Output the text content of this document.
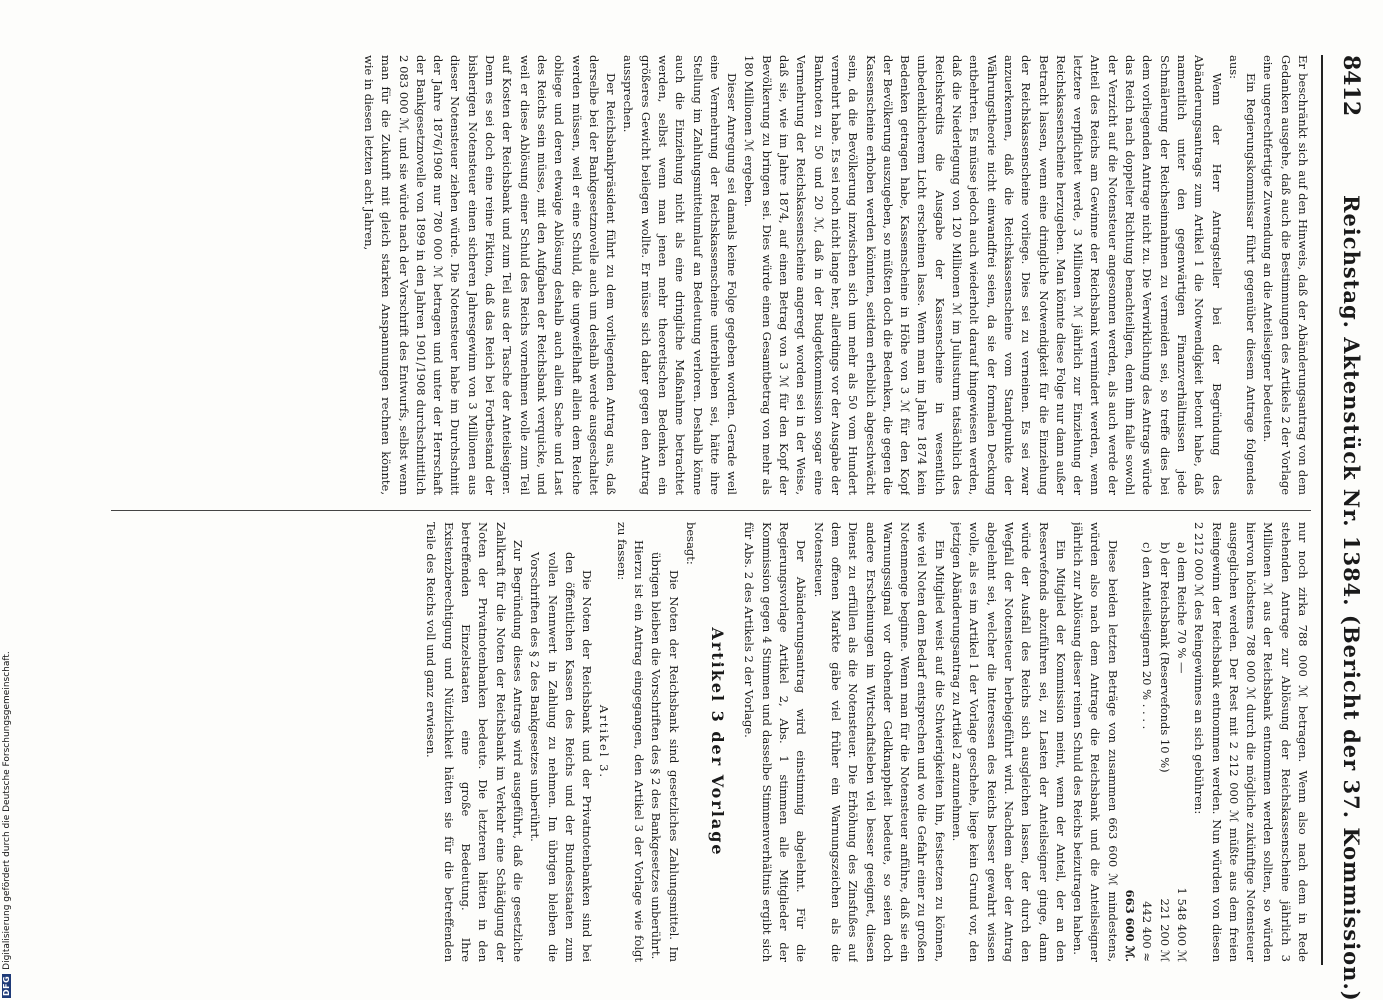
8412
Reichstag. Aktenstück Nr. 1384. (Bericht der 37. Kommission.)

Er beschränkt sich auf den Hinweis, daß der Abänderungsantrag von dem Gedanken ausgehe, daß auch die Bestimmungen des Artikels 2 der Vorlage eine ungerechtfertigte Zuwendung an die Anteilseigner bedeuten.

Ein Regierungskommissar führt gegenüber diesem Antrage folgendes aus:

Wenn der Herr Antragsteller bei der Begründung des Abänderungsantrags zum Artikel 1 die Notwendigkeit betont habe, daß namentlich unter den gegenwärtigen Finanzverhältnissen jede Schmälerung der Reichseinnahmen zu vermeiden sei, so treffe dies bei dem vorliegenden Antrage nicht zu. Die Verwirklichung des Antrags würde das Reich nach doppelter Richtung benachteiligen, denn ihm falle sowohl der Verzicht auf die Notensteuer angesonnen werden, als auch werde der Anteil des Reichs am Gewinne der Reichsbank vermindert werden, wenn letztere verpflichtet werde, 3 Millionen ℳ jährlich zur Einziehung der Reichskassenscheine herzugeben. Man könnte diese Folge nur dann außer Betracht lassen, wenn eine dringliche Notwendigkeit für die Einziehung der Reichskassenscheine vorliege. Dies sei zu verneinen. Es sei zwar anzuerkennen, daß die Reichskassenscheine vom Standpunkte der Währungstheorie nicht einwandfrei seien, da sie der formalen Deckung entbehrten. Es müsse jedoch auch wiederholt darauf hingewiesen werden, daß die Niederlegung von 120 Millionen ℳ im Juliusturm tatsächlich des Reichskredits die Ausgabe der Kassenscheine in wesentlich unbedenklicherem Licht erscheinen lasse. Wenn man im Jahre 1874 kein Bedenken getragen habe, Kassenscheine in Höhe von 3 ℳ für den Kopf der Bevölkerung auszugeben, so müßten doch die Bedenken, die gegen die Kassenscheine erhoben werden könnten, seitdem erheblich abgeschwächt sein, da die Bevölkerung inzwischen sich um mehr als 50 vom Hundert vermehrt habe. Es sei noch nicht lange her, allerdings vor der Ausgabe der Banknoten zu 50 und 20 ℳ, daß in der Budgetkommission sogar eine Vermehrung der Reichskassenscheine angeregt worden sei in der Weise, daß sie, wie im Jahre 1874, auf einen Betrag von 3 ℳ für den Kopf der Bevölkerung zu bringen sei. Dies würde einen Gesamtbetrag von mehr als 180 Millionen ℳ ergeben.

Dieser Anregung sei damals keine Folge gegeben worden. Gerade weil eine Vermehrung der Reichskassenscheine unterblieben sei, hätte ihre Stellung im Zahlungsmittelumlauf an Bedeutung verloren. Deshalb könne auch die Einziehung nicht als eine dringliche Maßnahme betrachtet werden, selbst wenn man jenen mehr theoretischen Bedenken ein größeres Gewicht beilegen wollte. Er müsse sich daher gegen den Antrag aussprechen.

Der Reichsbankpräsident führt zu dem vorliegenden Antrag aus, daß derselbe bei der Bankgesetznovelle auch um deshalb werde ausgeschaltet werden müssen, weil er eine Schuld, die ungweifelhaft allein dem Reiche obliege und deren etwaige Ablösung deshalb auch allein Sache und Last des Reichs sein müsse, mit den Aufgaben der Reichsbank verquicke, und weil er diese Ablösung einer Schuld des Reichs vornehmen wolle zum Teil auf Kosten der Reichsbank und zum Teil aus der Tasche der Anteilseigner. Denn es sei doch eine reine Fiktion, daß das Reich bei Fortbestand der bisherigen Notensteuer einen sicheren Jahresgewinn von 3 Millionen aus dieser Notensteuer ziehen würde. Die Notensteuer habe im Durchschnitt der Jahre 1876/1908 nur 780 000 ℳ betragen und unter der Herrschaft der Bankgesetznovelle von 1899 in den Jahren 1901/1908 durchschnittlich 2 083 000 ℳ, und sie würde nach der Vorschrift des Entwurfs, selbst wenn man für die Zukunft mit gleich starken Anspannungen rechnen könnte, wie in diesen letzten acht Jahren,

nur noch zirka 788 000 ℳ betragen. Wenn also nach dem in Rede stehenden Antrage zur Ablösung der Reichskassenscheine jährlich 3 Millionen ℳ aus der Reichsbank entnommen werden sollten, so würden hiervon höchstens 788 000 ℳ durch die mögliche zukünftige Notensteuer ausgeglichen werden. Der Rest mit 2 212 000 ℳ müßte aus dem freien Reingewinn der Reichsbank entnommen werden. Nun würden von diesen 2 212 000 ℳ des Reingewinnes an sich gebühren:

a) dem Reiche 70 % —
1 548 400 ℳ
b) der Reichsbank (Reservefonds 10 %)
221 200 ℳ
c) den Anteilseignern 20 % . . . .
442 400 ≈
663 600 ℳ.

Diese beiden letzten Beträge von zusammen 663 600 ℳ mindestens, würden also nach dem Antrage die Reichsbank und die Anteilseigner jährlich zur Ablösung dieser reinen Schuld des Reichs beizutragen haben.

Ein Mitglied der Kommission meint, wenn der Anteil, der an den Reservefonds abzuführen sei, zu Lasten der Anteilseigner ginge, dann würde der Ausfall des Reichs sich ausgleichen lassen, der durch den Wegfall der Notensteuer herbeigeführt wird. Nachdem aber der Antrag abgelehnt sei, welcher die Interessen des Reichs besser gewahrt wissen wolle, als es im Artikel 1 der Vorlage geschehe, liege kein Grund vor, den jetzigen Abänderungsantrag zu Artikel 2 anzunehmen.

Ein Mitglied weist auf die Schwierigkeiten hin, festsetzen zu können, wie viel Noten dem Bedarf entsprechen und wo die Gefahr einer zu großen Notenmenge beginne. Wenn man für die Notensteuer anführe, daß sie ein Warnungssignal vor drohender Geldknappheit bedeute, so seien doch andere Erscheinungen im Wirtschaftsleben viel besser geeignet, diesen Dienst zu erfüllen als die Notensteuer. Die Erhöhung des Zinsfußes auf dem offenen Markte gäbe viel früher ein Warnungszeichen als die Notensteuer.

Der Abänderungsantrag wird einstimmig abgelehnt. Für die Regierungsvorlage Artikel 2, Abs. 1 stimmen alle Mitglieder der Kommission gegen 4 Stimmen und dasselbe Stimmenverhältnis ergibt sich für Abs. 2 des Artikels 2 der Vorlage.

Artikel 3 der Vorlage

besagt:

Die Noten der Reichsbank sind gesetzliches Zahlungsmittel. Im übrigen bleiben die Vorschriften des § 2 des Bankgesetzes unberührt.

Hierzu ist ein Antrag eingegangen, den Artikel 3 der Vorlage wie folgt zu fassen:

Artikel 3.

Die Noten der Reichsbank und der Privatnotenbanken sind bei den öffentlichen Kassen des Reichs und der Bundesstaaten zum vollen Nennwert in Zahlung zu nehmen. Im übrigen bleiben die Vorschriften des § 2 des Bankgesetzes unberührt.

Zur Begründung dieses Antrags wird ausgeführt, daß die gesetzliche Zahlkraft für die Noten der Reichsbank im Verkehr eine Schädigung der Noten der Privatnotenbanken bedeute. Die letzteren hätten in den betreffenden Einzelstaaten eine große Bedeutung. Ihre Existenzberechtigung und Nützlichkeit hätten sie für die betreffenden Teile des Reichs voll und ganz erwiesen.

DFGDigitalisierung gefördert durch die Deutsche Forschungsgemeinschaft.
